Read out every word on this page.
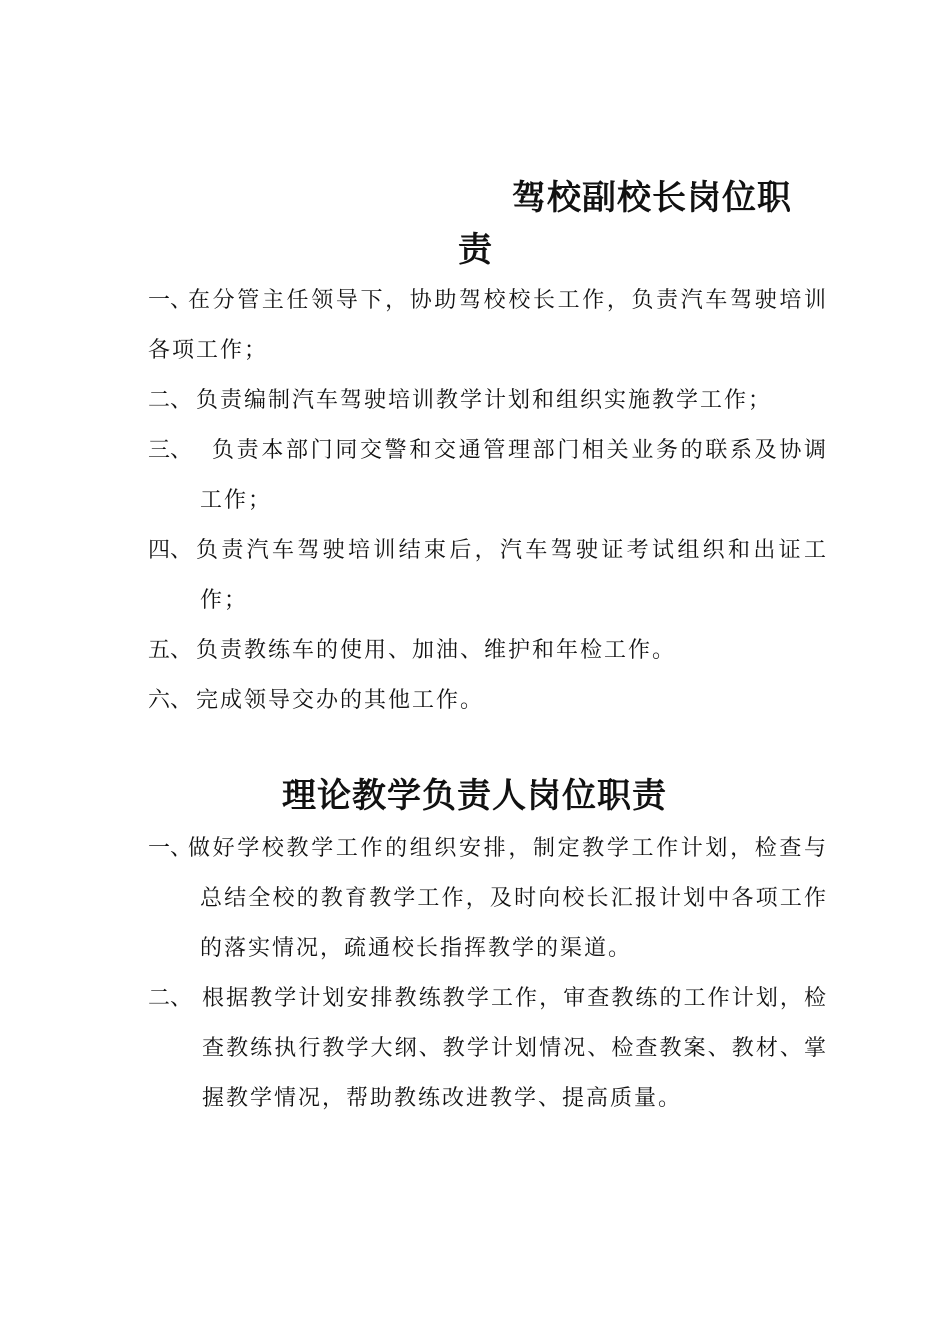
驾校副校长岗位职
责
一、
在分管主任领导下，协助驾校校长工作，负责汽车驾驶培训各项工作；
二、 负责编制汽车驾驶培训教学计划和组织实施教学工作；
三、 负责本部门同交警和交通管理部门相关业务的联系及协调工作；
四、 负责汽车驾驶培训结束后，汽车驾驶证考试组织和出证工作；
五、 负责教练车的使用、加油、维护和年检工作。
六、 完成领导交办的其他工作。
理论教学负责人岗位职责
一、
做好学校教学工作的组织安排，制定教学工作计划，检查与总结全校的教育教学工作，及时向校长汇报计划中各项工作的落实情况，疏通校长指挥教学的渠道。
二、 根据教学计划安排教练教学工作，审查教练的工作计划，检查教练执行教学大纲、教学计划情况、检查教案、教材、掌握教学情况，帮助教练改进教学、提高质量。
